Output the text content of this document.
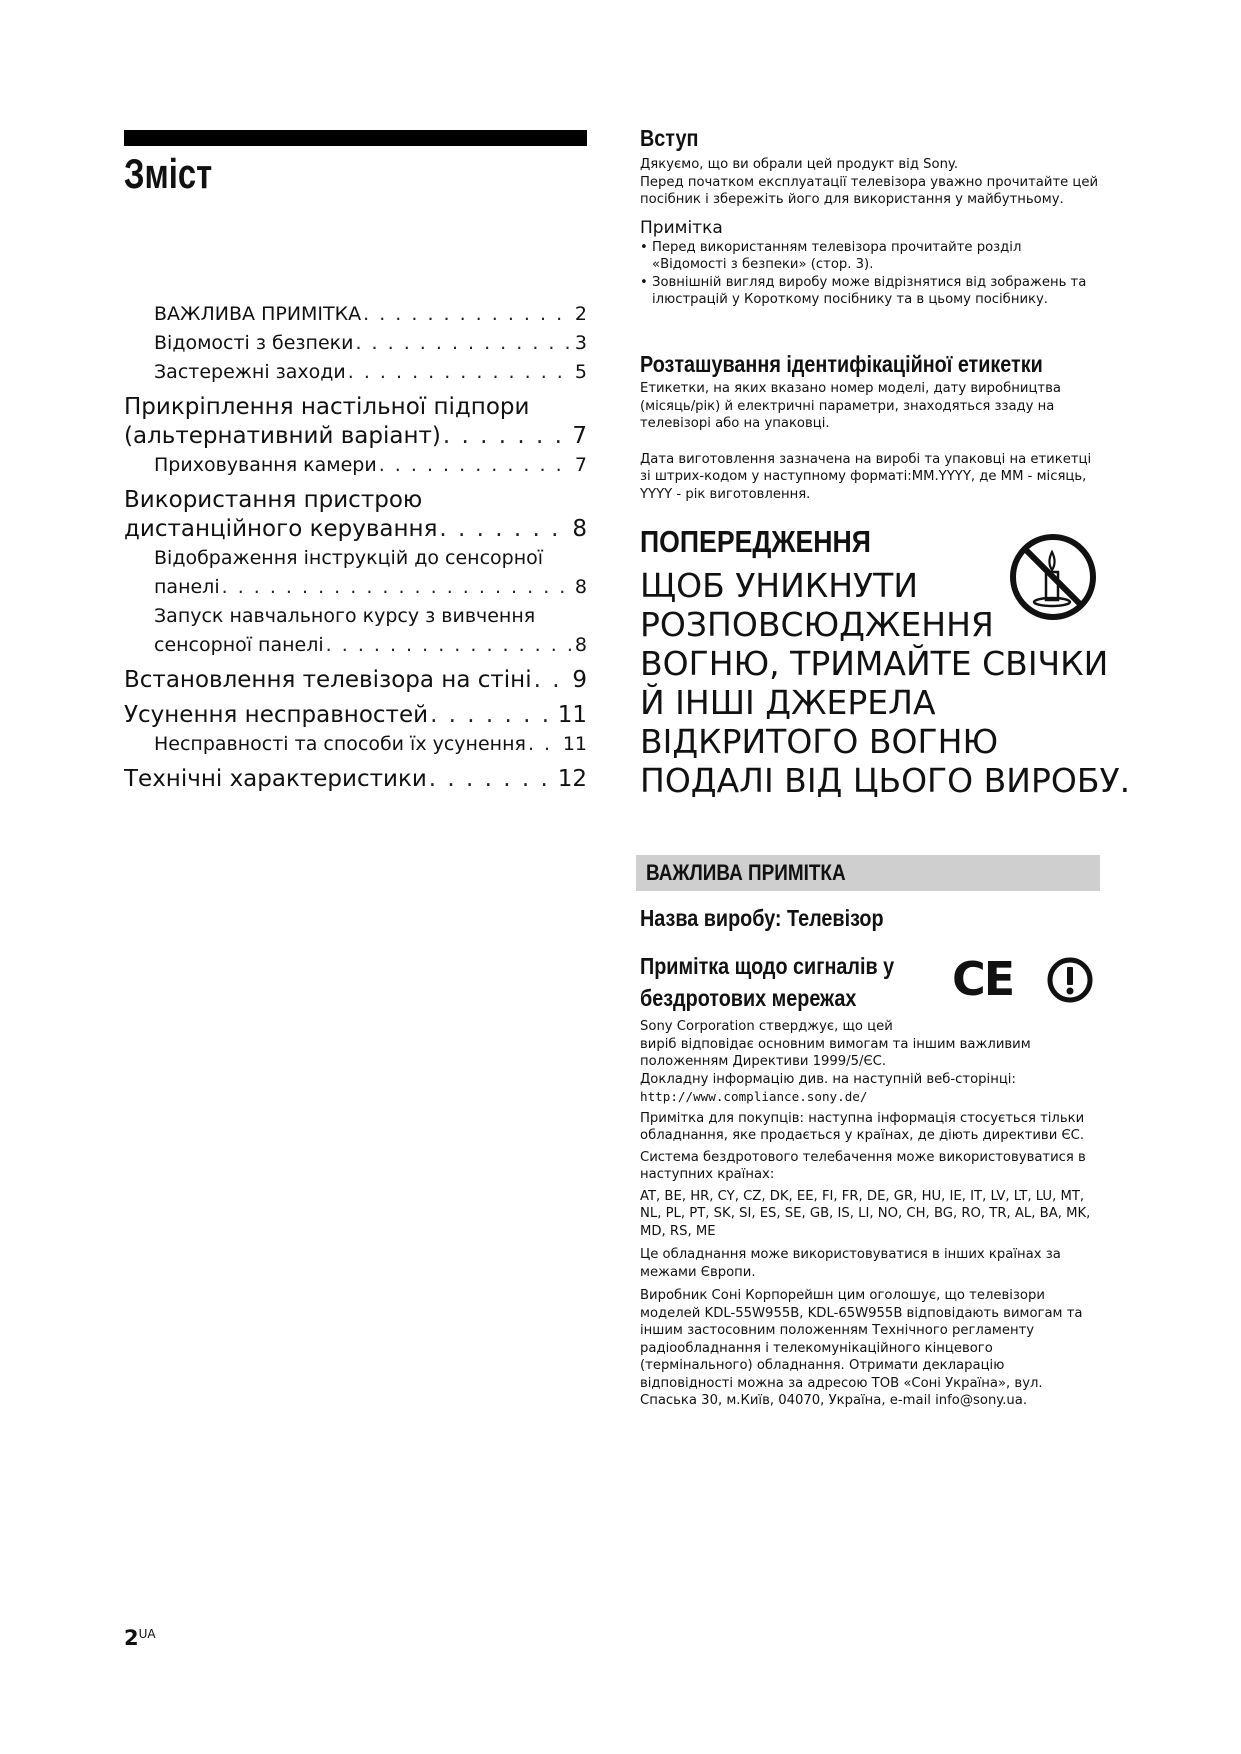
Зміст
ВАЖЛИВА ПРИМІТКА . . .	2
Відомості з безпеки . . .	3
Застережні заходи . . .	5
Прикріплення настільної підпори
(альтернативний варіант) . . .	7
Приховування камери . . .	7
Використання пристрою
дистанційного керування . . .	8
Відображення інструкцій до сенсорної
панелі . . .	8
Запуск навчального курсу з вивчення
сенсорної панелі . . .	8
Встановлення телевізора на стіні . . . 9
Усунення несправностей . . .	11
Несправності та способи їх усунення . . . 11
Технічні характеристики . . .	12
$2^{UA}$
Вступ
Дякуємо, що ви обрали цей продукт від Sony.
Перед початком експлуатації телевізора уважно прочитайте цей посібник і збережіть його для використання у майбутньому.
Примітка
• Перед використанням телевізора прочитайте розділ «Відомості з безпеки» (стор. 3).
• Зовнішній вигляд виробу може відрізнятися від зображень та ілюстрацій у Короткому посібнику та в цьому посібнику.
Розташування ідентифікаційної етикетки
Етикетки, на яких вказано номер моделі, дату виробництва (місяць/рік) й електричні параметри, знаходяться ззаду на телевізорі або на упаковці.
Дата виготовлення зазначена на виробі та упаковці на етикетці зі штрих-кодом у наступному форматі:MM.YYYY, де MM - місяць, YYYY - рік виготовлення.
ПОПЕРЕДЖЕННЯ
ЩОБ УНИКНУТИ
РОЗПОВСЮДЖЕННЯ
ВОГНЮ, ТРИМАЙТЕ СВІЧКИ
Й ІНШІ ДЖЕРЕЛА
ВІДКРИТОГО ВОГНЮ
ПОДАЛІ ВІД ЦЬОГО ВИРОБУ.
ВАЖЛИВА ПРИМІТКА
Назва виробу: Телевізор
Примітка щодо сигналів у
бездротових мережах
Sony Corporation стверджує, що цей
виріб відповідає основним вимогам та іншим важливим положенням Директиви 1999/5/ЄС.
Докладну інформацію див. на наступній веб-сторінці:
http://www.compliance.sony.de/
Примітка для покупців: наступна інформація стосується тільки обладнання, яке продається у країнах, де діють директиви ЄС.
Система бездротового телебачення може використовуватися в наступних країнах:
AT, BE, HR, CY, CZ, DK, EE, FI, FR, DE, GR, HU, IE, IT, LV, LT, LU, MT, NL, PL, PT, SK, SI, ES, SE, GB, IS, LI, NO, CH, BG, RO, TR, AL, BA, MK, MD, RS, ME
Це обладнання може використовуватися в інших країнах за межами Європи.
Виробник Соні Корпорейшн цим оголошує, що телевізори моделей KDL-55W955B, KDL-65W955B відповідають вимогам та іншим застосовним положенням Технічного регламенту радіообладнання і телекомунікаційного кінцевого (термінального) обладнання. Отримати декларацію відповідності можна за адресою ТОВ «Соні Україна», вул. Спаська 30, м.Київ, 04070, Україна, e-mail info@sony.ua.
CE
